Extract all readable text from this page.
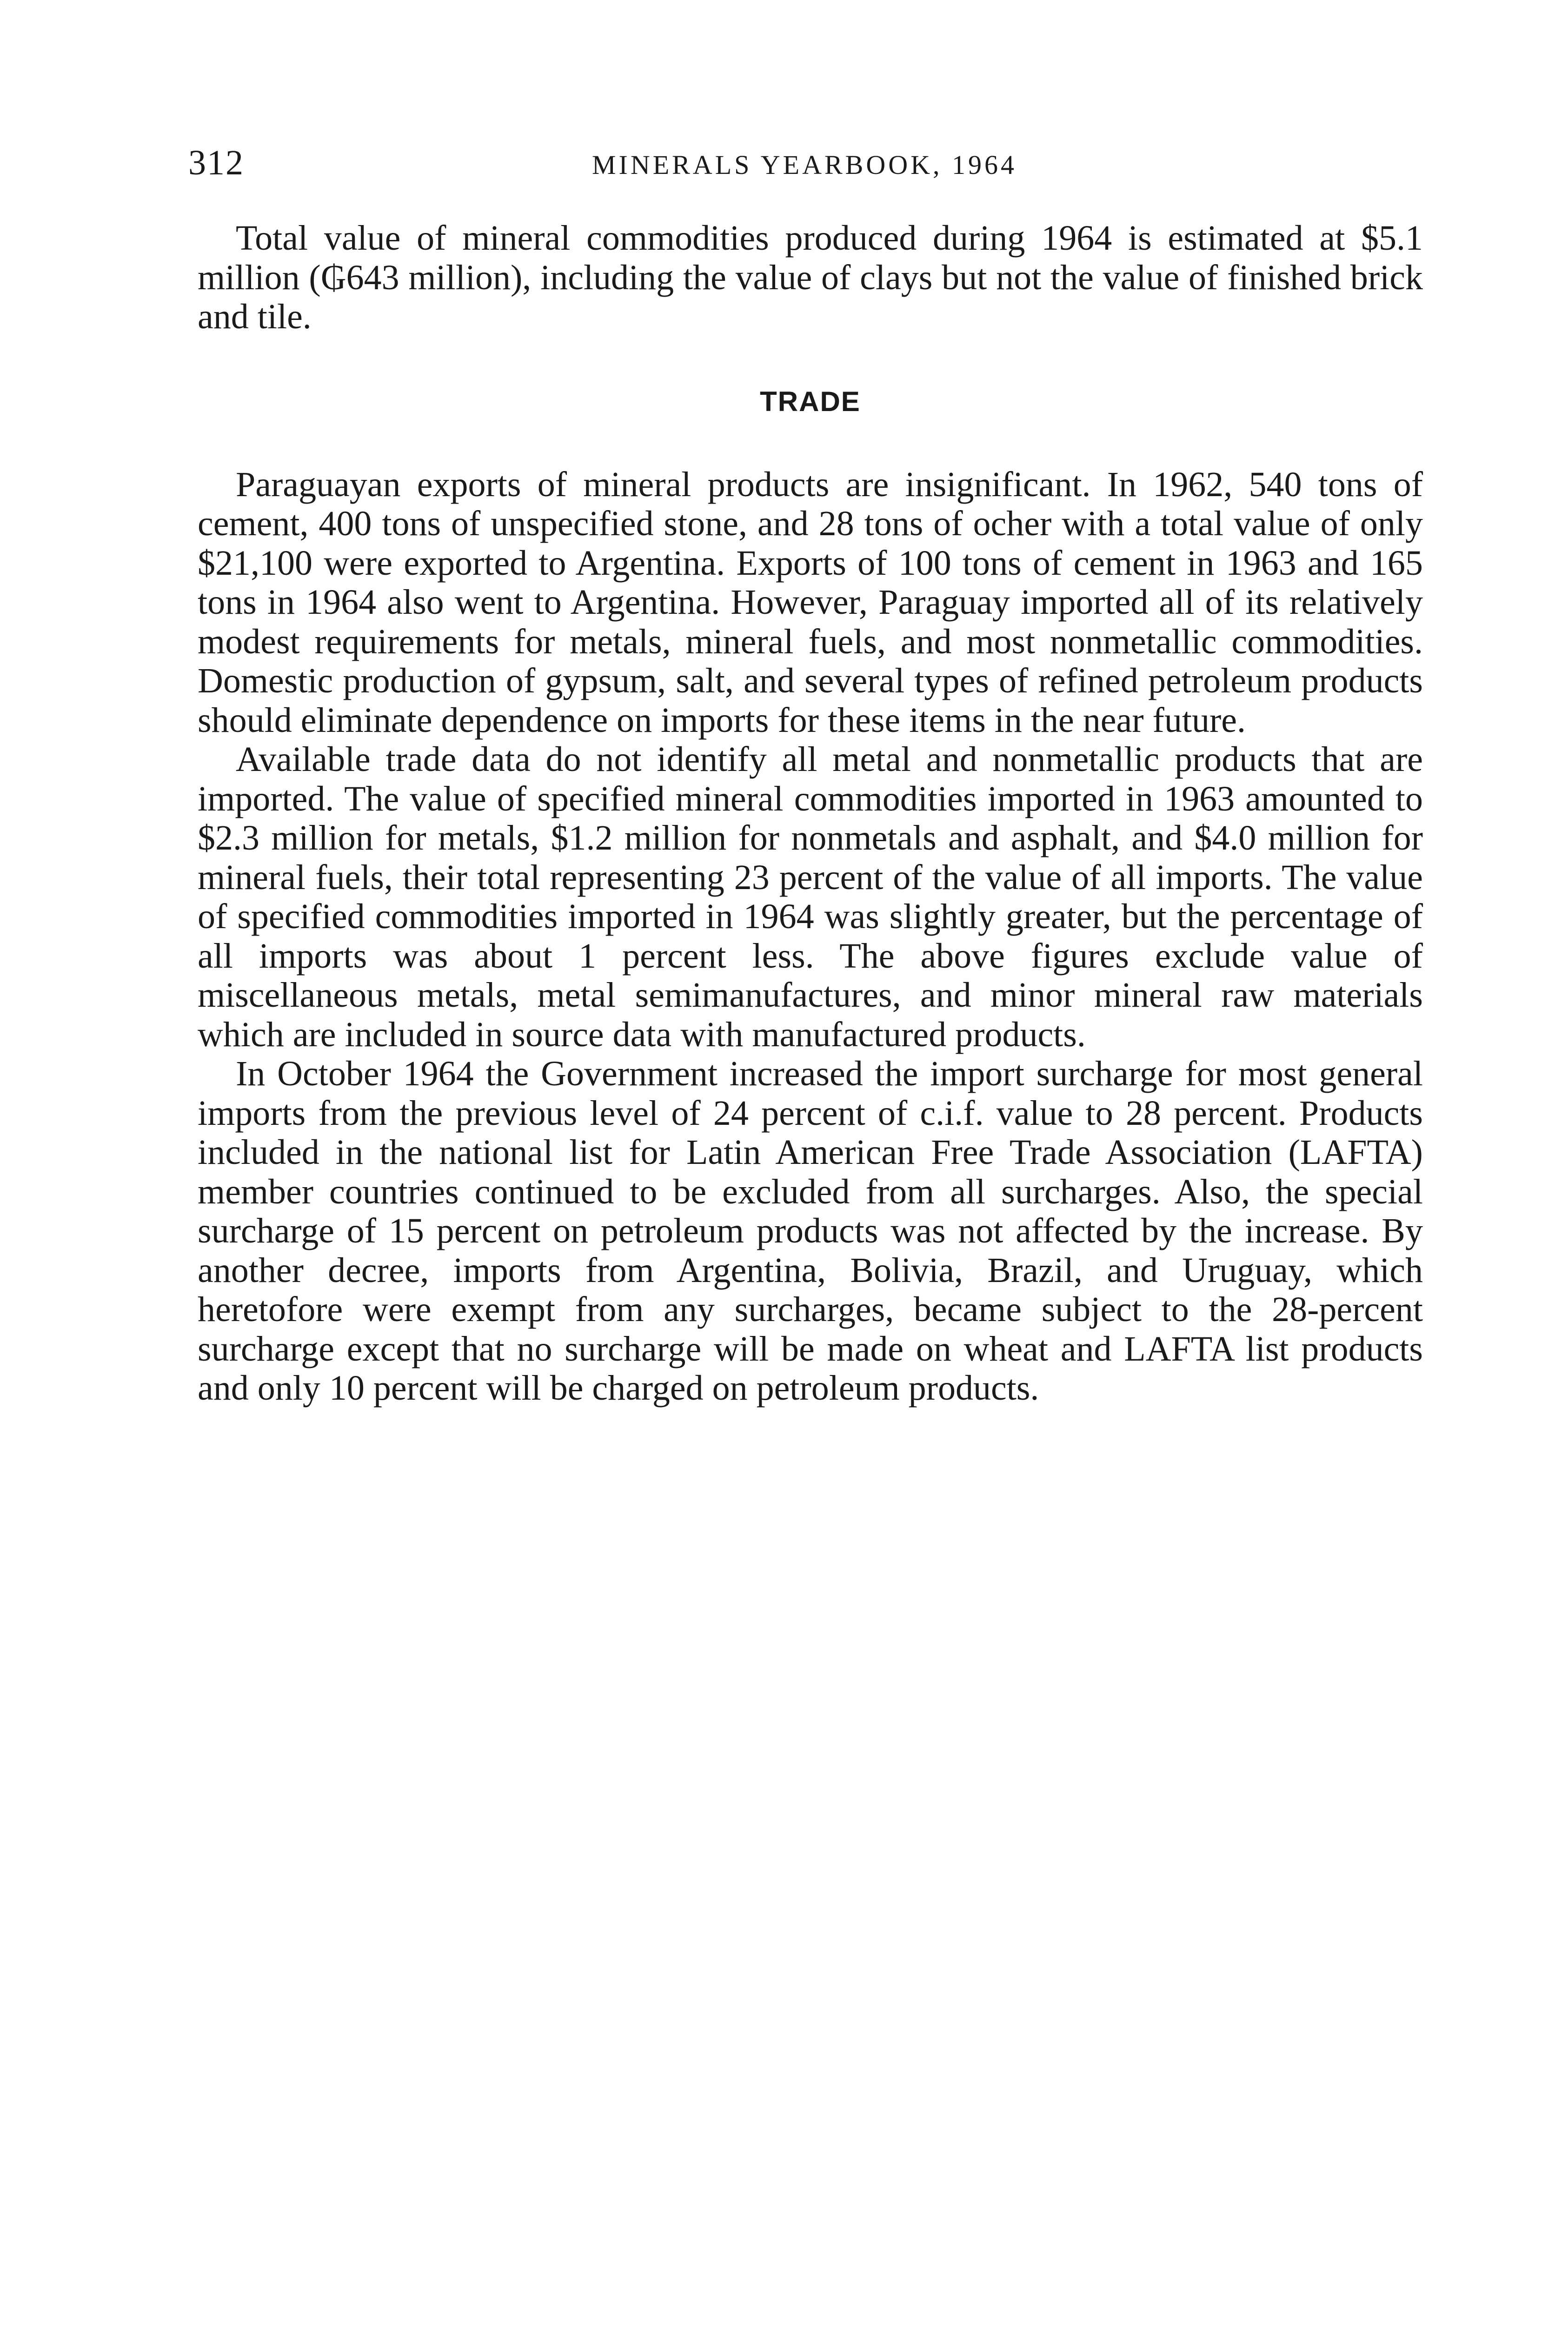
312	MINERALS YEARBOOK, 1964

Total value of mineral commodities produced during 1964 is estimated at $5.1 million (₲643 million), including the value of clays but not the value of finished brick and tile.

TRADE

Paraguayan exports of mineral products are insignificant. In 1962, 540 tons of cement, 400 tons of unspecified stone, and 28 tons of ocher with a total value of only $21,100 were exported to Argentina. Exports of 100 tons of cement in 1963 and 165 tons in 1964 also went to Argentina. However, Paraguay imported all of its relatively modest requirements for metals, mineral fuels, and most nonmetallic commodities. Domestic production of gypsum, salt, and several types of refined petroleum products should eliminate dependence on imports for these items in the near future.

Available trade data do not identify all metal and nonmetallic products that are imported. The value of specified mineral commodities imported in 1963 amounted to $2.3 million for metals, $1.2 million for nonmetals and asphalt, and $4.0 million for mineral fuels, their total representing 23 percent of the value of all imports. The value of specified commodities imported in 1964 was slightly greater, but the percentage of all imports was about 1 percent less. The above figures exclude value of miscellaneous metals, metal semimanufactures, and minor mineral raw materials which are included in source data with manufactured products.

In October 1964 the Government increased the import surcharge for most general imports from the previous level of 24 percent of c.i.f. value to 28 percent. Products included in the national list for Latin American Free Trade Association (LAFTA) member countries continued to be excluded from all surcharges. Also, the special surcharge of 15 percent on petroleum products was not affected by the increase. By another decree, imports from Argentina, Bolivia, Brazil, and Uruguay, which heretofore were exempt from any surcharges, became subject to the 28-percent surcharge except that no surcharge will be made on wheat and LAFTA list products and only 10 percent will be charged on petroleum products.
